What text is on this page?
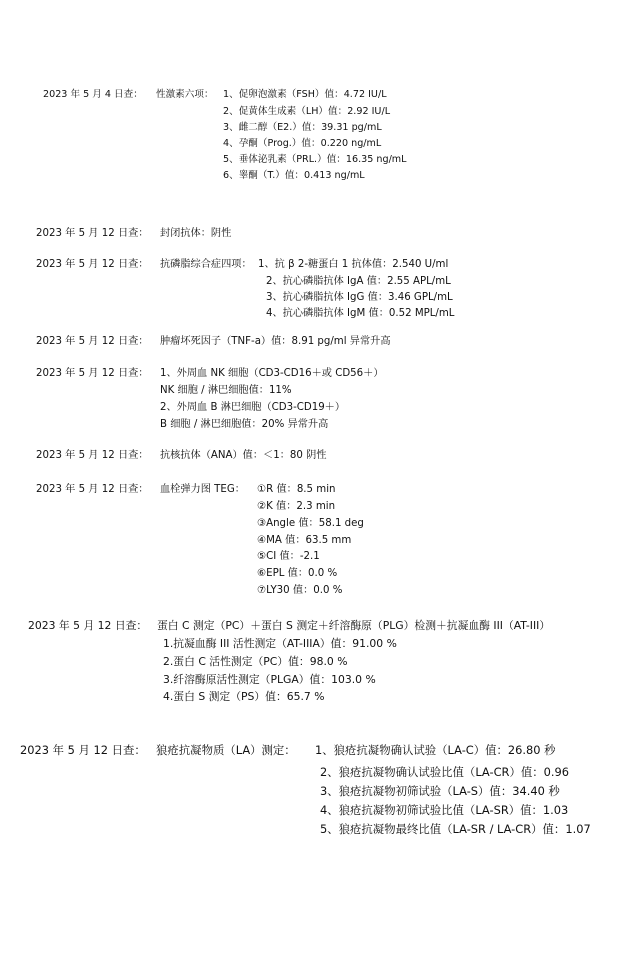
2023 年 5 月 4 日查： 性激素六项： 1、促卵泡激素（FSH）值：4.72 IU/L
2、促黄体生成素（LH）值：2.92 IU/L
3、雌二醇（E2.）值：39.31 pg/mL
4、孕酮（Prog.）值：0.220 ng/mL
5、垂体泌乳素（PRL.）值：16.35 ng/mL
6、睾酮（T.）值：0.413 ng/mL
2023 年 5 月 12 日查： 封闭抗体：阴性
2023 年 5 月 12 日查： 抗磷脂综合症四项： 1、抗 β 2-糖蛋白 1 抗体值：2.540 U/ml
2、抗心磷脂抗体 IgA 值：2.55 APL/mL
3、抗心磷脂抗体 IgG 值：3.46 GPL/mL
4、抗心磷脂抗体 IgM 值：0.52 MPL/mL
2023 年 5 月 12 日查： 肿瘤坏死因子（TNF-a）值：8.91 pg/ml 异常升高
2023 年 5 月 12 日查： 1、外周血 NK 细胞（CD3-CD16＋或 CD56＋）
NK 细胞 / 淋巴细胞值：11%
2、外周血 B 淋巴细胞（CD3-CD19＋）
B 细胞 / 淋巴细胞值：20% 异常升高
2023 年 5 月 12 日查： 抗核抗体（ANA）值：＜1：80 阴性
2023 年 5 月 12 日查： 血栓弹力图 TEG： ①R 值：8.5 min
②K 值：2.3 min
③Angle 值：58.1 deg
④MA 值：63.5 mm
⑤CI 值：-2.1
⑥EPL 值：0.0 %
⑦LY30 值：0.0 %
2023 年 5 月 12 日查： 蛋白 C 测定（PC）＋蛋白 S 测定＋纤溶酶原（PLG）检测＋抗凝血酶 III（AT-III）
1.抗凝血酶 III 活性测定（AT-IIIA）值：91.00 %
2.蛋白 C 活性测定（PC）值：98.0 %
3.纤溶酶原活性测定（PLGA）值：103.0 %
4.蛋白 S 测定（PS）值：65.7 %
2023 年 5 月 12 日查： 狼疮抗凝物质（LA）测定： 1、狼疮抗凝物确认试验（LA-C）值：26.80 秒
2、狼疮抗凝物确认试验比值（LA-CR）值：0.96
3、狼疮抗凝物初筛试验（LA-S）值：34.40 秒
4、狼疮抗凝物初筛试验比值（LA-SR）值：1.03
5、狼疮抗凝物最终比值（LA-SR / LA-CR）值：1.07
